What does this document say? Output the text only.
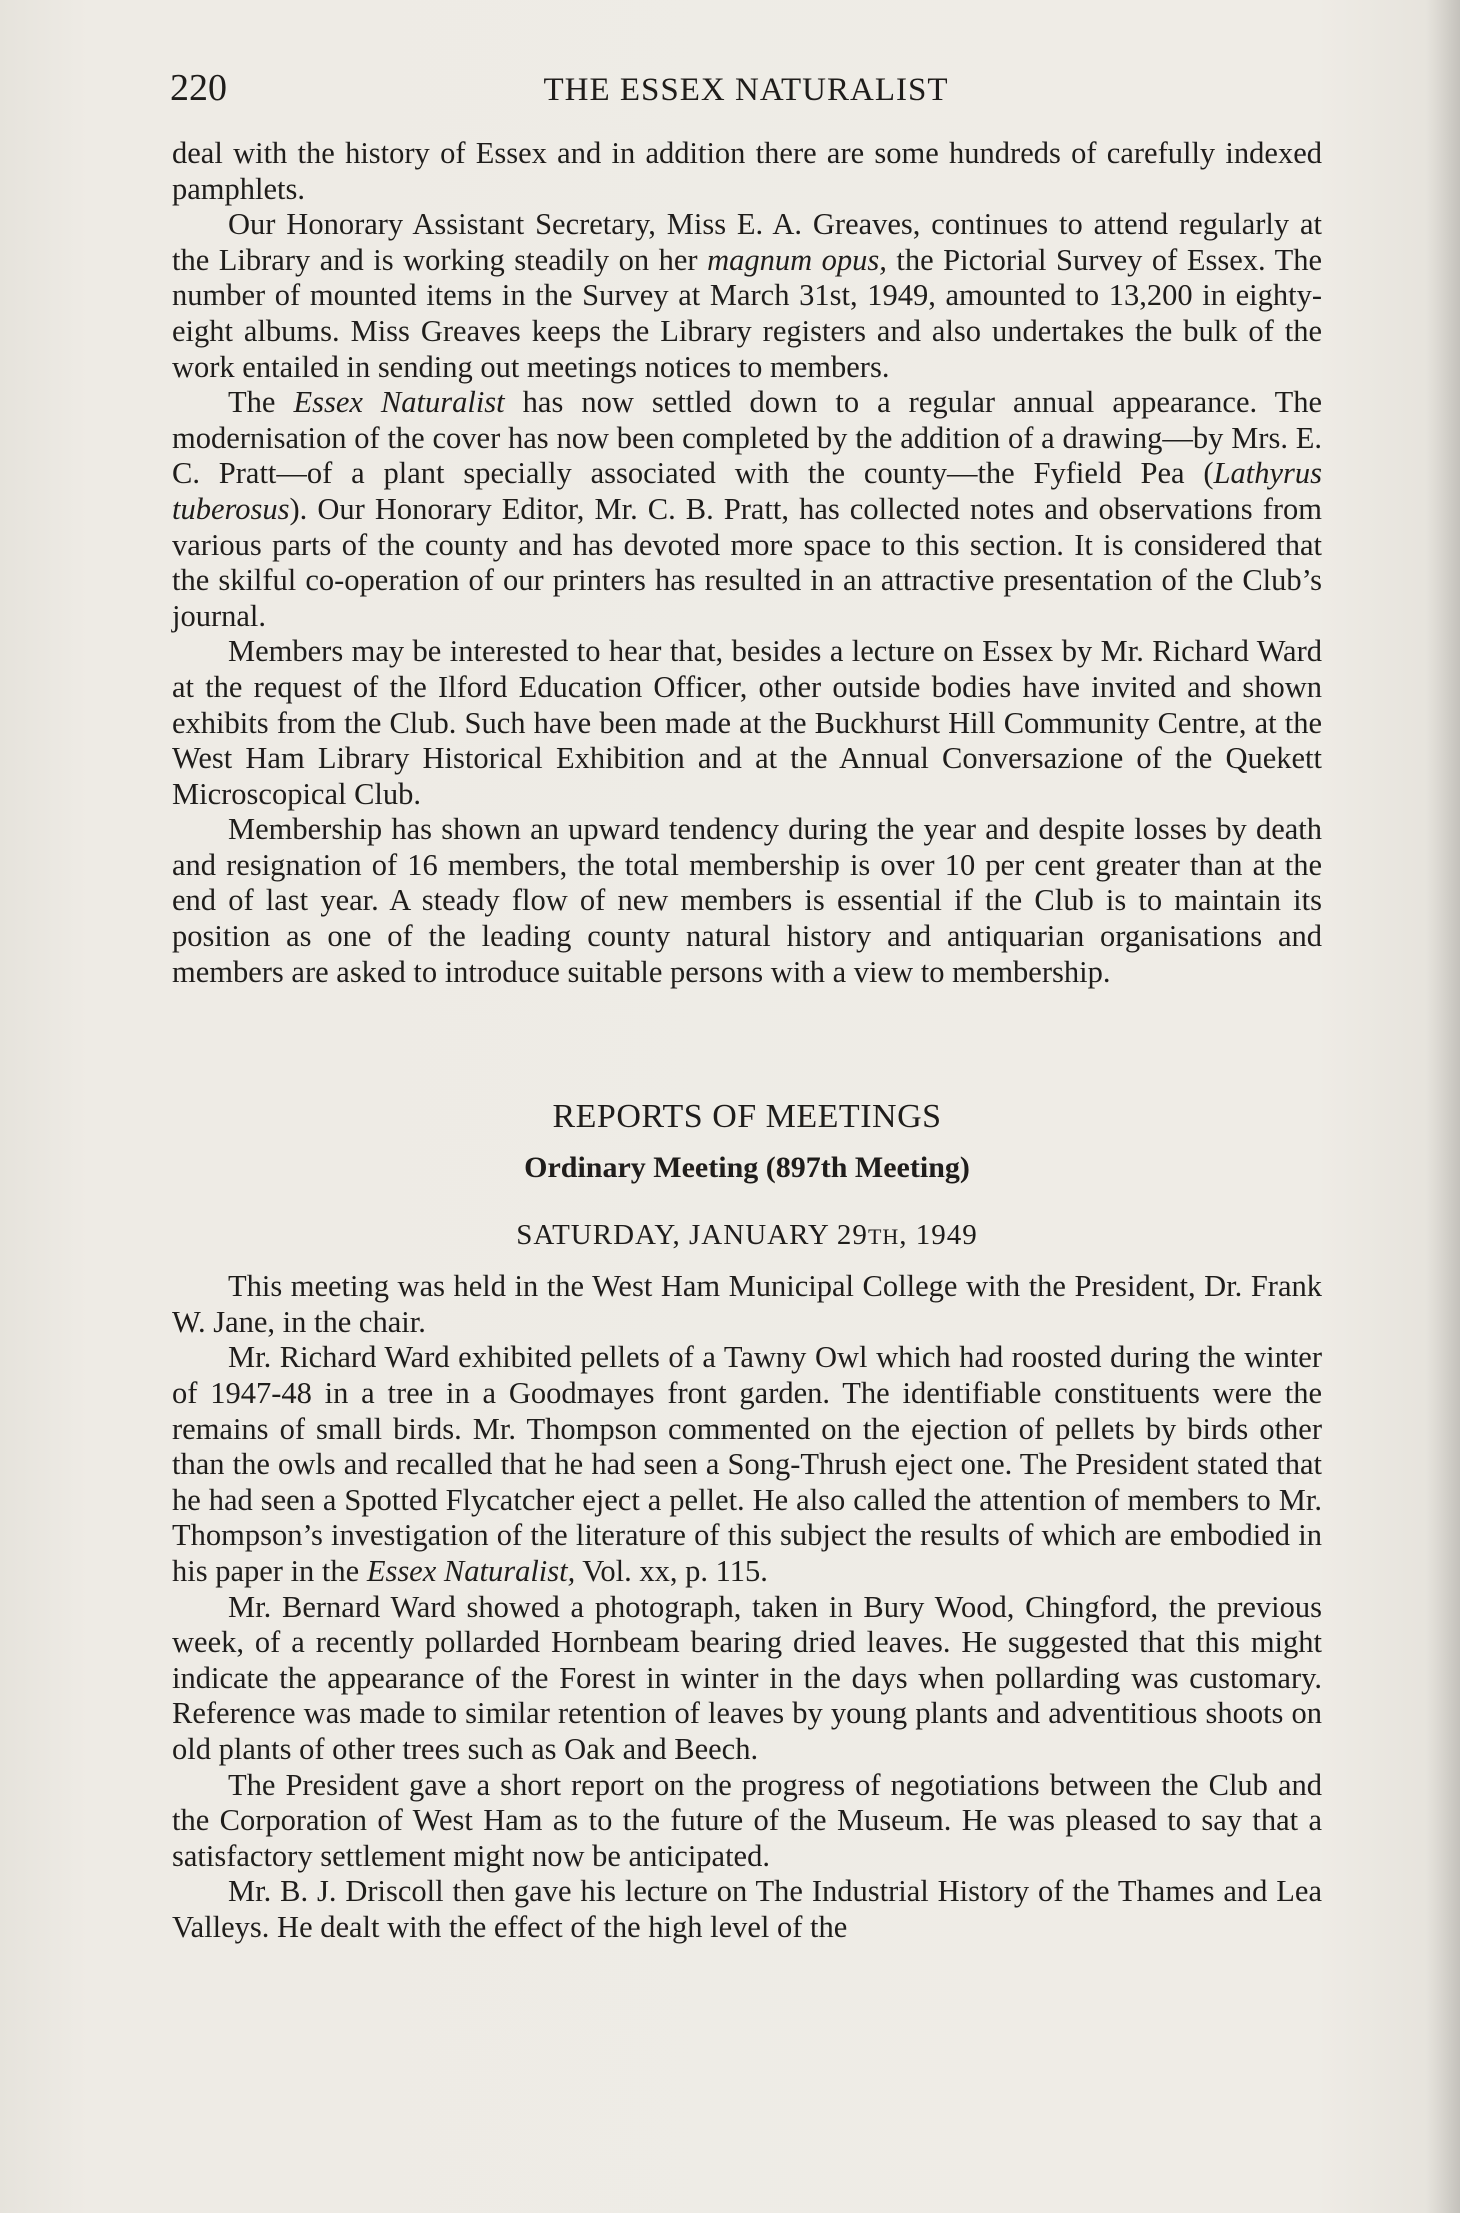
220	THE ESSEX NATURALIST

deal with the history of Essex and in addition there are some hundreds of carefully indexed pamphlets.

Our Honorary Assistant Secretary, Miss E. A. Greaves, continues to attend regularly at the Library and is working steadily on her magnum opus, the Pictorial Survey of Essex. The number of mounted items in the Survey at March 31st, 1949, amounted to 13,200 in eighty-eight albums. Miss Greaves keeps the Library registers and also undertakes the bulk of the work entailed in sending out meetings notices to members.

The Essex Naturalist has now settled down to a regular annual appearance. The modernisation of the cover has now been completed by the addition of a drawing—by Mrs. E. C. Pratt—of a plant specially associated with the county—the Fyfield Pea (Lathyrus tuberosus). Our Honorary Editor, Mr. C. B. Pratt, has collected notes and observations from various parts of the county and has devoted more space to this section. It is considered that the skilful co-operation of our printers has resulted in an attractive presentation of the Club’s journal.

Members may be interested to hear that, besides a lecture on Essex by Mr. Richard Ward at the request of the Ilford Education Officer, other outside bodies have invited and shown exhibits from the Club. Such have been made at the Buckhurst Hill Community Centre, at the West Ham Library Historical Exhibition and at the Annual Conversazione of the Quekett Microscopical Club.

Membership has shown an upward tendency during the year and despite losses by death and resignation of 16 members, the total membership is over 10 per cent greater than at the end of last year. A steady flow of new members is essential if the Club is to maintain its position as one of the leading county natural history and antiquarian organisations and members are asked to introduce suitable persons with a view to membership.

REPORTS OF MEETINGS
Ordinary Meeting (897th Meeting)
SATURDAY, JANUARY 29TH, 1949

This meeting was held in the West Ham Municipal College with the President, Dr. Frank W. Jane, in the chair.

Mr. Richard Ward exhibited pellets of a Tawny Owl which had roosted during the winter of 1947-48 in a tree in a Goodmayes front garden. The identifiable constituents were the remains of small birds. Mr. Thompson commented on the ejection of pellets by birds other than the owls and recalled that he had seen a Song-Thrush eject one. The President stated that he had seen a Spotted Flycatcher eject a pellet. He also called the attention of members to Mr. Thompson’s investigation of the literature of this subject the results of which are embodied in his paper in the Essex Naturalist, Vol. xx, p. 115.

Mr. Bernard Ward showed a photograph, taken in Bury Wood, Chingford, the previous week, of a recently pollarded Hornbeam bearing dried leaves. He suggested that this might indicate the appearance of the Forest in winter in the days when pollarding was customary. Reference was made to similar retention of leaves by young plants and adventitious shoots on old plants of other trees such as Oak and Beech.

The President gave a short report on the progress of negotiations between the Club and the Corporation of West Ham as to the future of the Museum. He was pleased to say that a satisfactory settlement might now be anticipated.

Mr. B. J. Driscoll then gave his lecture on The Industrial History of the Thames and Lea Valleys. He dealt with the effect of the high level of the
